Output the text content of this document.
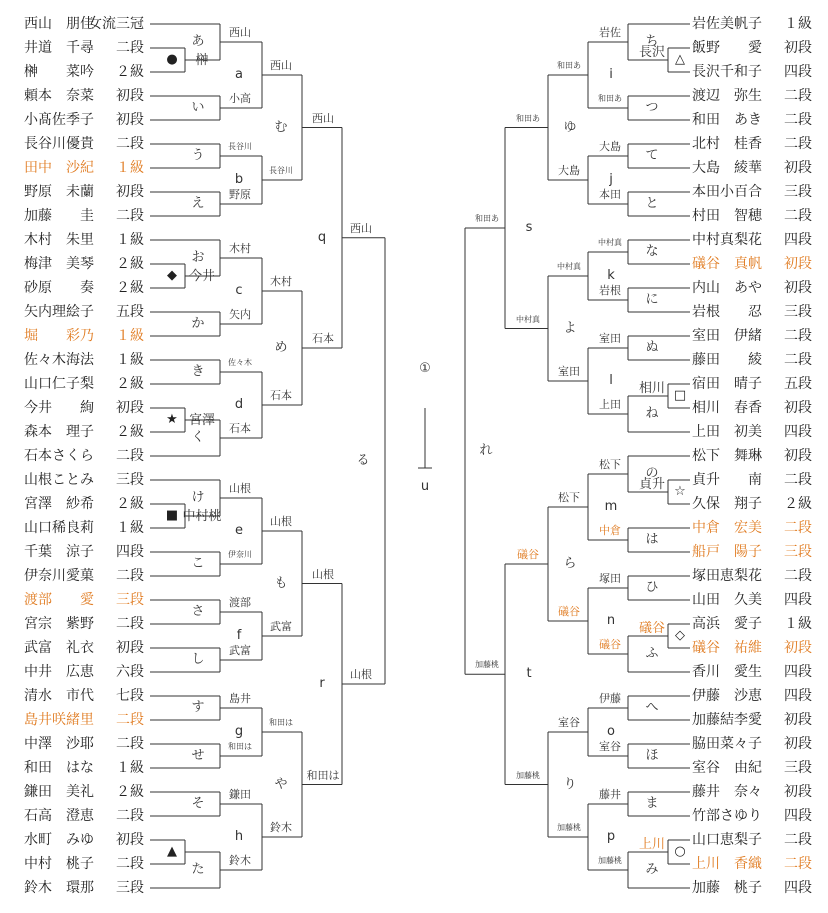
西山　朋佳
女流三冠
井道　千尋 二段
榊　　菜吟 ２級
頼本　奈菜 初段
小髙佐季子 初段
長谷川優貴 二段
田中　沙紀 １級
野原　未蘭 初段
加藤　　圭 二段
木村　朱里 １級
梅津　美琴 ２級
砂原　　奏 ２級
矢内理絵子 五段
堀　　彩乃 １級
佐々木海法 １級
山口仁子梨 ２級
今井　　絢 初段
森本　理子 ２級
石本さくら 二段
山根ことみ 三段
宮澤　紗希 ２級
山口稀良莉 １級
千葉　涼子 四段
伊奈川愛菓 二段
渡部　　愛 三段
宮宗　紫野 二段
武富　礼衣 初段
中井　広恵 六段
清水　市代 七段
島井咲緒里 二段
中澤　沙耶 二段
和田　はな １級
鎌田　美礼 ２級
石高　澄恵 二段
水町　みゆ 初段
中村　桃子 二段
鈴木　環那 三段
岩佐美帆子 １級
飯野　　愛 初段
長沢千和子 四段
渡辺　弥生 二段
和田　あき 二段
北村　桂香 二段
大島　綾華 初段
本田小百合 三段
村田　智穂 二段
中村真梨花 四段
礒谷　真帆 初段
内山　あや 初段
岩根　　忍 三段
室田　伊緒 二段
藤田　　綾 二段
宿田　晴子 五段
相川　春香 初段
上田　初美 四段
松下　舞琳 初段
貞升　　南 二段
久保　翔子 ２級
中倉　宏美 二段
船戸　陽子 三段
塚田恵梨花 二段
山田　久美 四段
高浜　愛子 １級
礒谷　祐維 初段
香川　愛生 四段
伊藤　沙恵 四段
加藤結李愛 初段
脇田菜々子 初段
室谷　由紀 三段
藤井　奈々 初段
竹部さゆり 四段
山口恵梨子 二段
上川　香織 二段
加藤　桃子 四段
● 榊
あ
い
う
え
◆ 今井
お
か
き
★ 宮澤
く
■ 中村桃
け
こ
さ
し
す
せ
そ
▲
た
a
西山
小高
b
長谷川
野原
c
木村
矢内
d
佐々木
石本
e
山根
伊奈川
f
渡部
武富
g
島井
和田は
h
鎌田
鈴木
む
西山
長谷川
め
木村
石本
も
山根
武富
や
和田は
鈴木
q
西山
石本
r
山根
和田は
る
西山
山根
△
長沢
ち
つ
て
と
な
に
ぬ
□
相川
ね
☆
貞升
の
は
ひ
◇
礒谷
ふ
へ
ほ
ま
○
上川
み
i
岩佐
和田あ
j
大島
本田
k
中村真
岩根
l
室田
上田
m
松下
中倉
n
塚田
礒谷
o
伊藤
室谷
p
藤井
加藤桃
ゆ
和田あ
大島
よ
中村真
室田
ら
松下
礒谷
り
室谷
加藤桃
s
和田あ
中村真
t
礒谷
加藤桃
れ
和田あ
加藤桃
①
u
